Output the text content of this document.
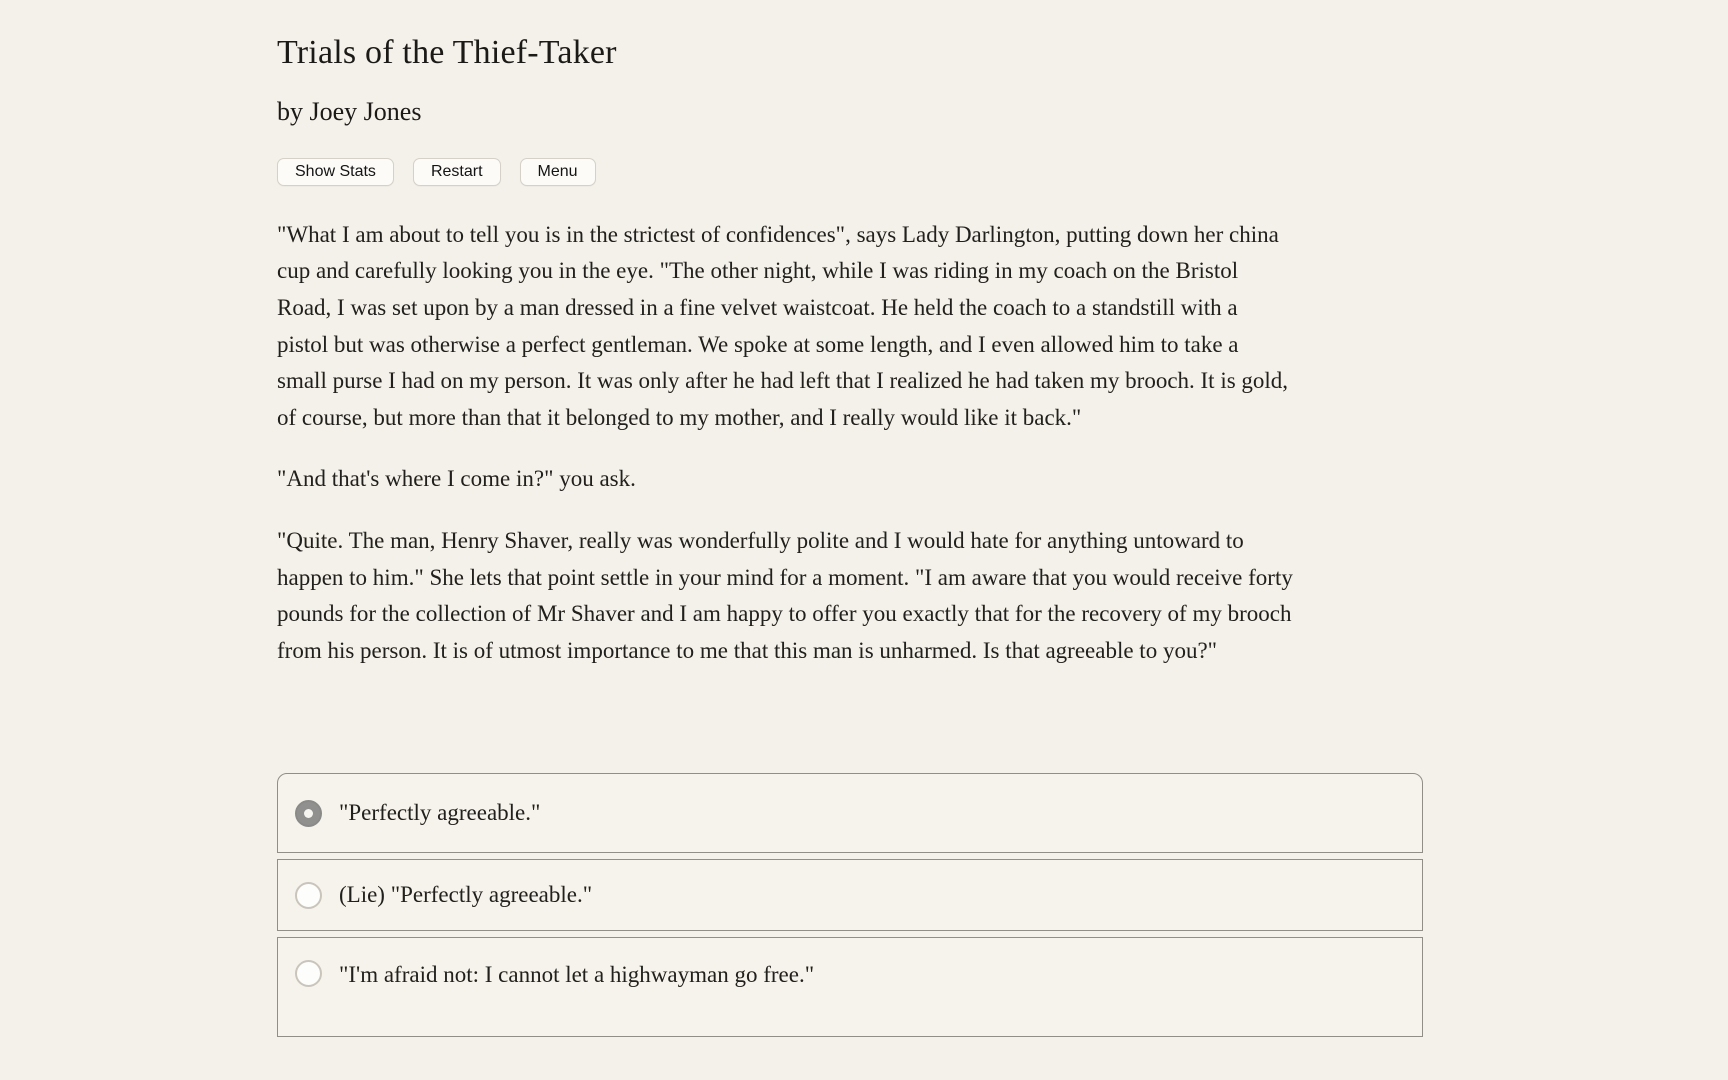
Trials of the Thief-Taker
by Joey Jones
Show Stats	Restart	Menu

"What I am about to tell you is in the strictest of confidences", says Lady Darlington, putting down her china cup and carefully looking you in the eye. "The other night, while I was riding in my coach on the Bristol Road, I was set upon by a man dressed in a fine velvet waistcoat. He held the coach to a standstill with a pistol but was otherwise a perfect gentleman. We spoke at some length, and I even allowed him to take a small purse I had on my person. It was only after he had left that I realized he had taken my brooch. It is gold, of course, but more than that it belonged to my mother, and I really would like it back."

"And that's where I come in?" you ask.

"Quite. The man, Henry Shaver, really was wonderfully polite and I would hate for anything untoward to happen to him." She lets that point settle in your mind for a moment. "I am aware that you would receive forty pounds for the collection of Mr Shaver and I am happy to offer you exactly that for the recovery of my brooch from his person. It is of utmost importance to me that this man is unharmed. Is that agreeable to you?"

"Perfectly agreeable."
(Lie) "Perfectly agreeable."
"I'm afraid not: I cannot let a highwayman go free."
